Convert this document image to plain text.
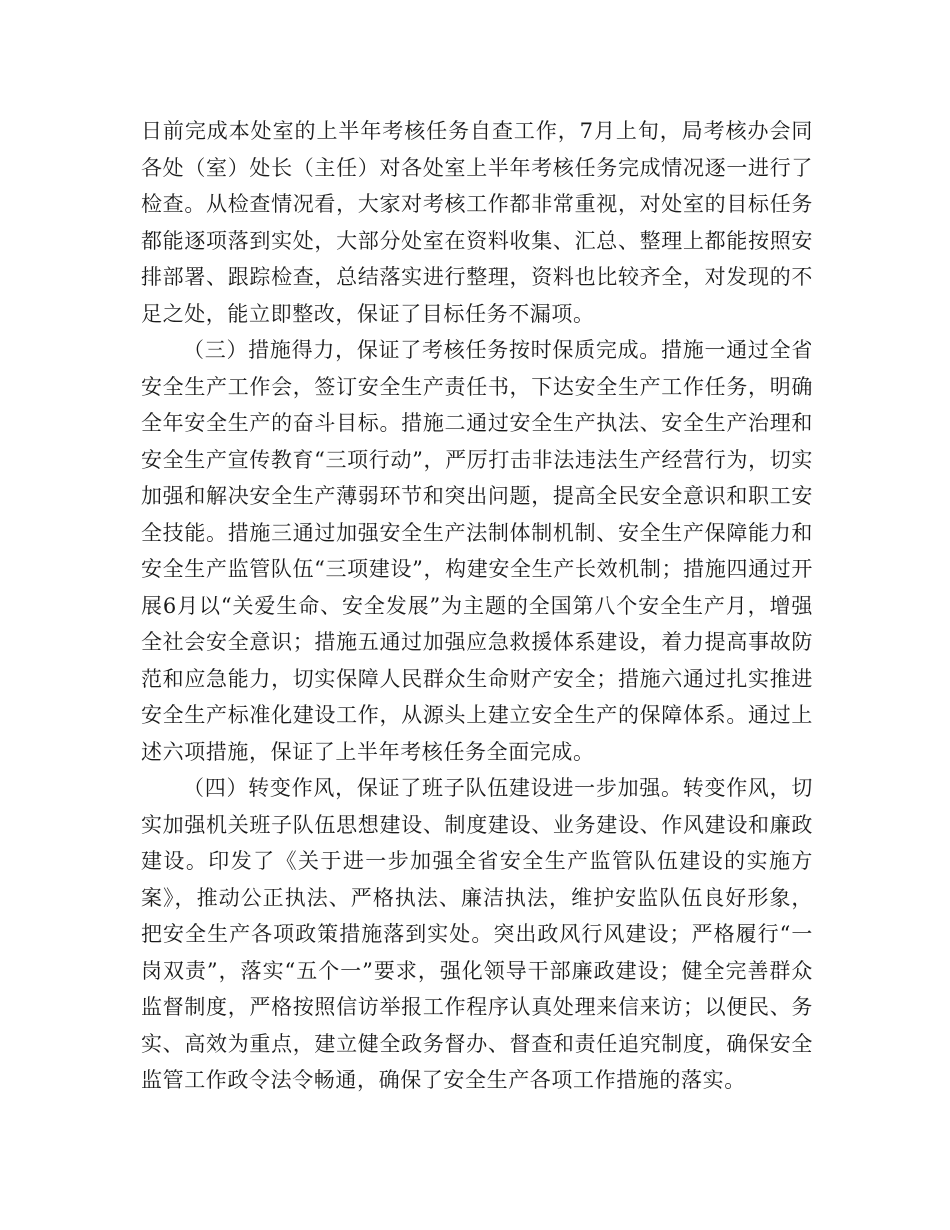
日前完成本处室的上半年考核任务自查工作，7月上旬，局考核办会同各处（室）处长（主任）对各处室上半年考核任务完成情况逐一进行了检查。从检查情况看，大家对考核工作都非常重视，对处室的目标任务都能逐项落到实处，大部分处室在资料收集、汇总、整理上都能按照安排部署、跟踪检查，总结落实进行整理，资料也比较齐全，对发现的不足之处，能立即整改，保证了目标任务不漏项。

（三）措施得力，保证了考核任务按时保质完成。措施一通过全省安全生产工作会，签订安全生产责任书，下达安全生产工作任务，明确全年安全生产的奋斗目标。措施二通过安全生产执法、安全生产治理和安全生产宣传教育“三项行动”，严厉打击非法违法生产经营行为，切实加强和解决安全生产薄弱环节和突出问题，提高全民安全意识和职工安全技能。措施三通过加强安全生产法制体制机制、安全生产保障能力和安全生产监管队伍“三项建设”，构建安全生产长效机制；措施四通过开展6月以“关爱生命、安全发展”为主题的全国第八个安全生产月，增强全社会安全意识；措施五通过加强应急救援体系建设，着力提高事故防范和应急能力，切实保障人民群众生命财产安全；措施六通过扎实推进安全生产标准化建设工作，从源头上建立安全生产的保障体系。通过上述六项措施，保证了上半年考核任务全面完成。

（四）转变作风，保证了班子队伍建设进一步加强。转变作风，切实加强机关班子队伍思想建设、制度建设、业务建设、作风建设和廉政建设。印发了《关于进一步加强全省安全生产监管队伍建设的实施方案》，推动公正执法、严格执法、廉洁执法，维护安监队伍良好形象，把安全生产各项政策措施落到实处。突出政风行风建设；严格履行“一岗双责”，落实“五个一”要求，强化领导干部廉政建设；健全完善群众监督制度，严格按照信访举报工作程序认真处理来信来访；以便民、务实、高效为重点，建立健全政务督办、督查和责任追究制度，确保安全监管工作政令法令畅通，确保了安全生产各项工作措施的落实。
